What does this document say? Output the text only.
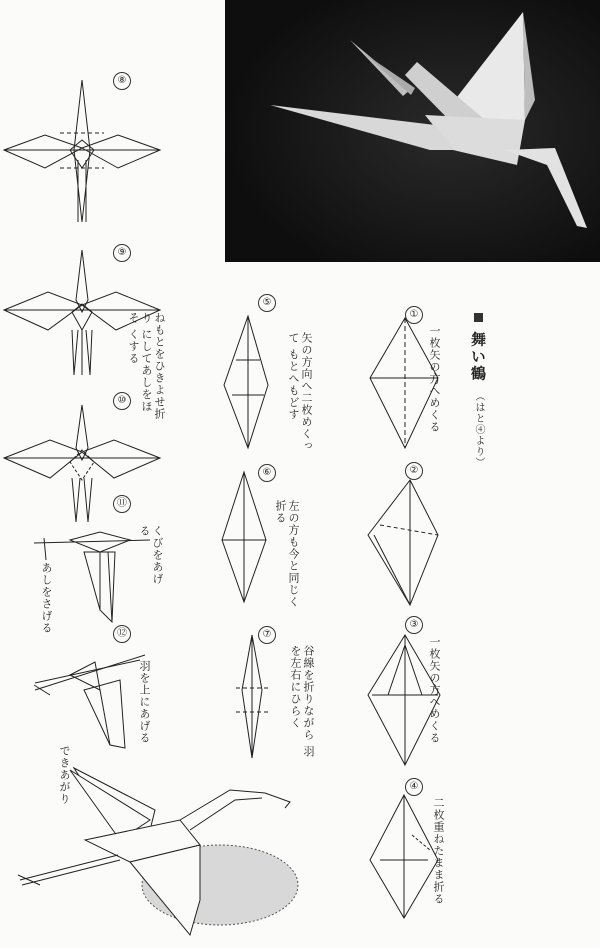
⑧
⑨
⑩
⑪
⑫
⑤
⑥
⑦
①
②
③
④
舞い鶴 （はと④より）
一枚矢の方へめくる
一枚矢の方へめくる
二枚重ねたまま折る
矢の方向へ二枚めくって もとへもどす
左の方も今と同じく 折る
谷線を折りながら 羽を左右にひらく
ねもとをひきよせ折り にしてあしをほそ くする
くびをあげる
あしをさげる
羽を上にあげる
できあがり
